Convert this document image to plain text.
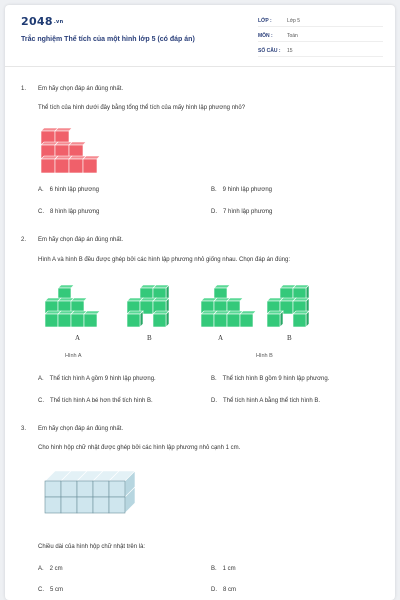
2048.vn
Trắc nghiệm Thể tích của một hình lớp 5 (có đáp án)
LỚP :	Lớp 5
MÔN :	Toán
SỐ CÂU : 15
1. Em hãy chọn đáp án đúng nhất.
Thể tích của hình dưới đây bằng tổng thể tích của mấy hình lập phương nhỏ?
A. 6 hình lập phương	B. 9 hình lập phương
C. 8 hình lập phương	D. 7 hình lập phương
2. Em hãy chọn đáp án đúng nhất.
Hình A và hình B đều được ghép bởi các hình lập phương nhỏ giống nhau. Chọn đáp án đúng:
A	B	A	B
Hình A	Hình B
A. Thể tích hình A gồm 9 hình lập phương.	B. Thể tích hình B gồm 9 hình lập phương.
C. Thể tích hình A bé hơn thể tích hình B.	D. Thể tích hình A bằng thể tích hình B.
3. Em hãy chọn đáp án đúng nhất.
Cho hình hộp chữ nhật được ghép bởi các hình lập phương nhỏ cạnh 1 cm.
Chiều dài của hình hộp chữ nhật trên là:
A. 2 cm	B. 1 cm
C. 5 cm	D. 8 cm
